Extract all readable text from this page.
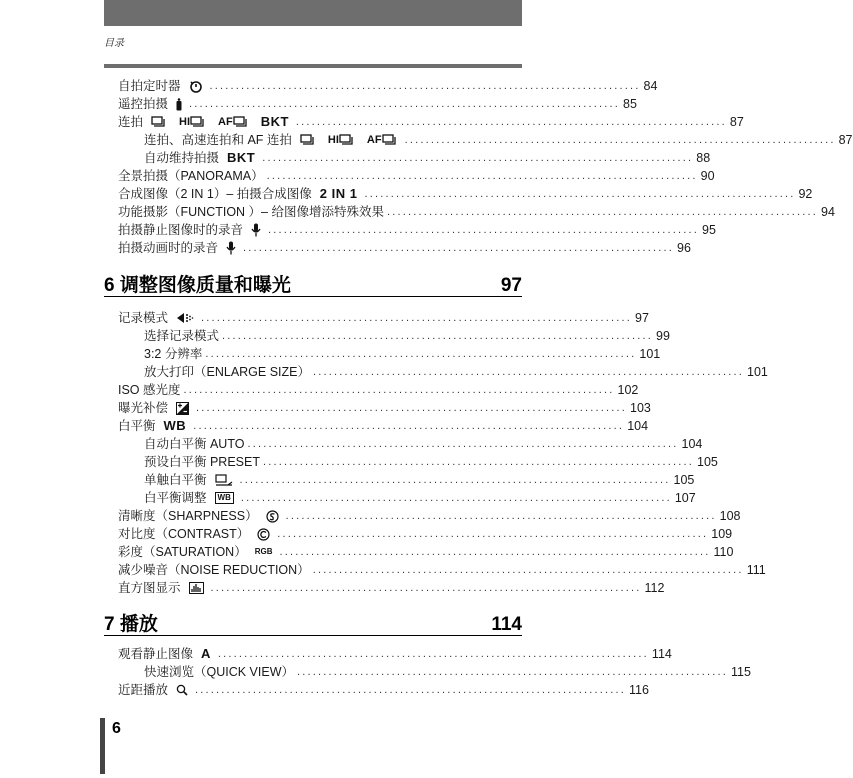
目录
自拍定时器	.................................................................................. 84
遥控拍摄 .................................................................................. 85
连拍	HI	AF BKT .................................................................................. 87
连拍、高速连拍和 AF 连拍	HI	AF .................................................................................. 87
自动维持拍摄 BKT .................................................................................. 88
全景拍摄（PANORAMA） .................................................................................. 90
合成图像（2 IN 1）– 拍摄合成图像 2 IN 1 .................................................................................. 92
功能摄影（FUNCTION ）– 给图像增添特殊效果 .................................................................................. 94
拍摄静止图像时的录音 .................................................................................. 95
拍摄动画时的录音 .................................................................................. 96
6 调整图像质量和曝光	97
记录模式	.................................................................................. 97
选择记录模式 .................................................................................. 99
3:2 分辨率 .................................................................................. 101
放大打印（ENLARGE SIZE） .................................................................................. 101
ISO 感光度 .................................................................................. 102
曝光补偿	.................................................................................. 103
白平衡 WB .................................................................................. 104
自动白平衡 AUTO .................................................................................. 104
预设白平衡 PRESET .................................................................................. 105
单触白平衡	.................................................................................. 105
白平衡调整	WB .................................................................................. 107
清晰度（SHARPNESS）	.................................................................................. 108
对比度（CONTRAST）	.................................................................................. 109
彩度（SATURATION） RGB .................................................................................. 110
减少噪音（NOISE REDUCTION） .................................................................................. 111
直方图显示	.................................................................................. 112
7 播放	114
观看静止图像 A .................................................................................. 114
快速浏览（QUICK VIEW） .................................................................................. 115
近距播放 .................................................................................. 116
6
